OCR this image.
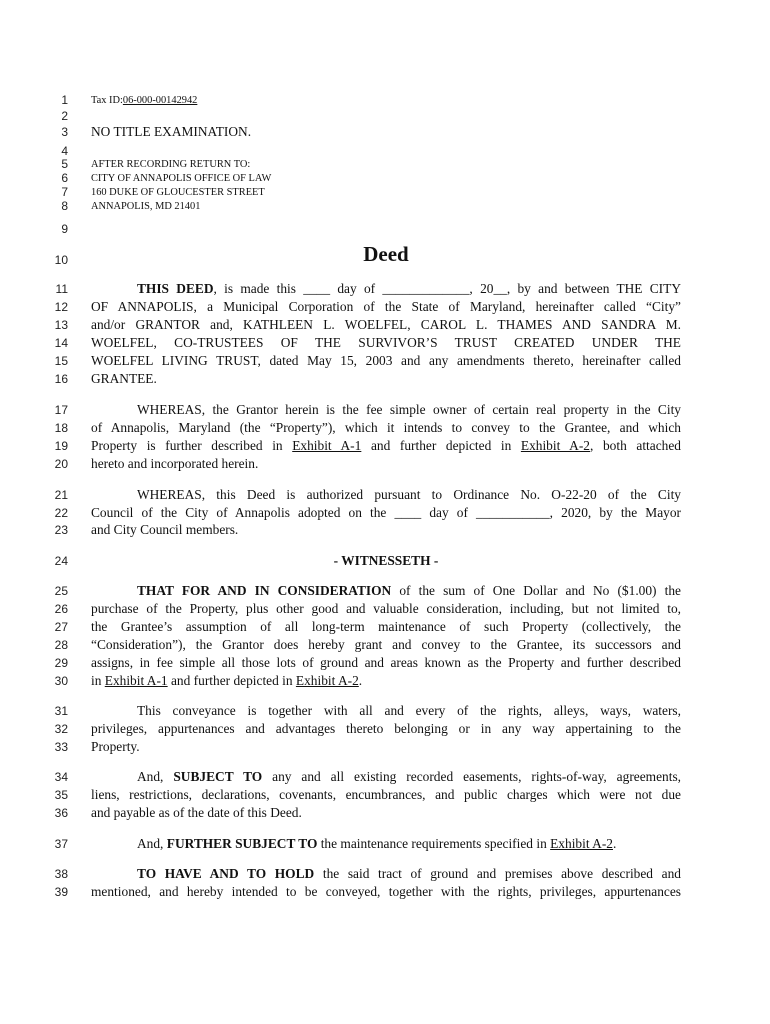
1
2
3
4
5
6
7
8
9
10
11
12
13
14
15
16
17
18
19
20
21
22
23
24
25
26
27
28
29
30
31
32
33
34
35
36
37
38
39
Tax ID:06-000-00142942
NO TITLE EXAMINATION.
AFTER RECORDING RETURN TO:
CITY OF ANNAPOLIS OFFICE OF LAW
160 DUKE OF GLOUCESTER STREET
ANNAPOLIS, MD 21401
Deed
THIS DEED, is made this ____ day of _____________, 20__, by and between THE CITY
OF ANNAPOLIS, a Municipal Corporation of the State of Maryland, hereinafter called “City”
and/or GRANTOR and, KATHLEEN L. WOELFEL, CAROL L. THAMES AND SANDRA M.
WOELFEL, CO-TRUSTEES OF THE SURVIVOR’S TRUST CREATED UNDER THE
WOELFEL LIVING TRUST, dated May 15, 2003 and any amendments thereto, hereinafter called
GRANTEE.
WHEREAS, the Grantor herein is the fee simple owner of certain real property in the City
of Annapolis, Maryland (the “Property”), which it intends to convey to the Grantee, and which
Property is further described in Exhibit A-1 and further depicted in Exhibit A-2, both attached
hereto and incorporated herein.
WHEREAS, this Deed is authorized pursuant to Ordinance No. O-22-20 of the City
Council of the City of Annapolis adopted on the ____ day of ___________, 2020, by the Mayor
and City Council members.
- WITNESSETH -
THAT FOR AND IN CONSIDERATION of the sum of One Dollar and No ($1.00) the
purchase of the Property, plus other good and valuable consideration, including, but not limited to,
the Grantee’s assumption of all long-term maintenance of such Property (collectively, the
“Consideration”), the Grantor does hereby grant and convey to the Grantee, its successors and
assigns, in fee simple all those lots of ground and areas known as the Property and further described
in Exhibit A-1 and further depicted in Exhibit A-2.
This conveyance is together with all and every of the rights, alleys, ways, waters,
privileges, appurtenances and advantages thereto belonging or in any way appertaining to the
Property.
And, SUBJECT TO any and all existing recorded easements, rights-of-way, agreements,
liens, restrictions, declarations, covenants, encumbrances, and public charges which were not due
and payable as of the date of this Deed.
And, FURTHER SUBJECT TO the maintenance requirements specified in Exhibit A-2.
TO HAVE AND TO HOLD the said tract of ground and premises above described and
mentioned, and hereby intended to be conveyed, together with the rights, privileges, appurtenances
